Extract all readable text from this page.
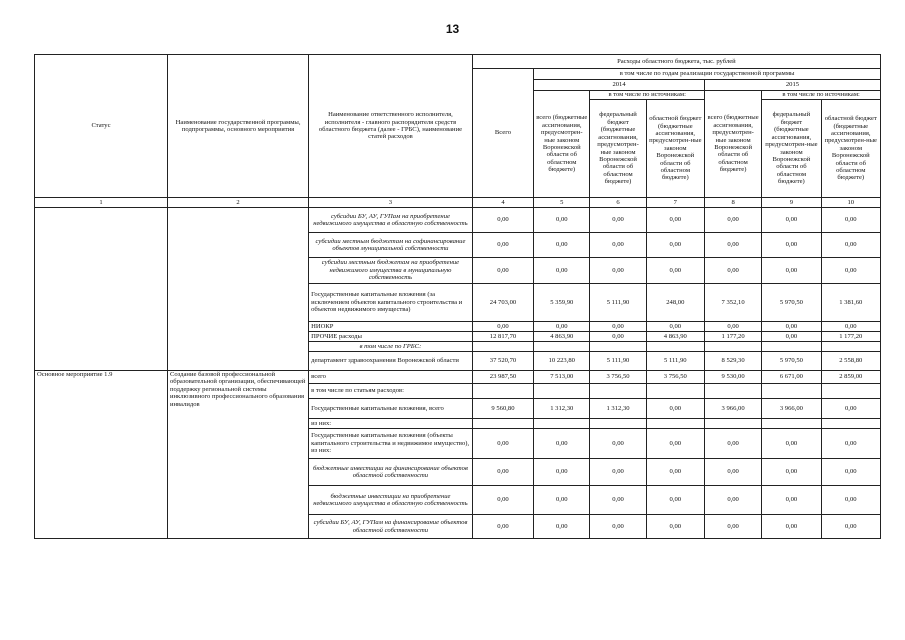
13
Статус	Наименование государственной программы, подпрограммы, основного мероприятия	Наименование ответственного исполнителя, исполнителя - главного распорядителя средств областного бюджета (далее - ГРБС), наименование статей расходов	Расходы областного бюджета, тыс. рублей						
			Всего	в том числе по годам реализации государственной программы					
				2014			2015		
				всего (бюджетные ассигнования, предусмотрен-ные законом Воронежской области об областном бюджете)	в том числе по источникам:		всего (бюджетные ассигнования, предусмотрен-ные законом Воронежской области об областном бюджете)	в том числе по источникам:	
					федеральный бюджет (бюджетные ассигнования, предусмотрен-ные законом Воронежской области об областном бюджете)	областной бюджет (бюджетные ассигнования, предусмотрен-ные законом Воронежской области об областном бюджете)		федеральный бюджет (бюджетные ассигнования, предусмотрен-ные законом Воронежской области об областном бюджете)	областной бюджет (бюджетные ассигнования, предусмотрен-ные законом Воронежской области об областном бюджете)
1	2	3	4	5	6	7	8	9	10
		субсидии БУ, АУ, ГУПам на приобретение недвижимого имущества в областную собственность	0,00	0,00	0,00	0,00	0,00	0,00	0,00
		субсидии местным бюджетам на софинансирование объектов муниципальной собственности	0,00	0,00	0,00	0,00	0,00	0,00	0,00
		субсидии местным бюджетам на приобретение недвижимого имущества в муниципальную собственность	0,00	0,00	0,00	0,00	0,00	0,00	0,00
		Государственные капитальные вложения (за исключением объектов капитального строительства и объектов недвижимого имущества)	24 703,00	5 359,90	5 111,90	248,00	7 352,10	5 970,50	1 381,60
		НИОКР	0,00	0,00	0,00	0,00	0,00	0,00	0,00
		ПРОЧИЕ расходы	12 817,70	4 863,90	0,00	4 863,90	1 177,20	0,00	1 177,20
		в том числе по ГРБС:							
		департамент здравоохранения Воронежской области	37 520,70	10 223,80	5 111,90	5 111,90	8 529,30	5 970,50	2 558,80
Основное мероприятие 1.9	Создание базовой профессиональной образовательной организации, обеспечивающей поддержку региональной системы инклюзивного профессионального образования инвалидов	всего	23 987,50	7 513,00	3 756,50	3 756,50	9 530,00	6 671,00	2 859,00
		в том числе по статьям расходов:							
		Государственные капитальные вложения, всего	9 560,80	1 312,30	1 312,30	0,00	3 966,00	3 966,00	0,00
		из них:							
		Государственные капитальные вложения (объекты капитального строительства и недвижимое имущество), из них:	0,00	0,00	0,00	0,00	0,00	0,00	0,00
		бюджетные инвестиции на финансирование объектов областной собственности	0,00	0,00	0,00	0,00	0,00	0,00	0,00
		бюджетные инвестиции на приобретение недвижимого имущества в областную собственность	0,00	0,00	0,00	0,00	0,00	0,00	0,00
		субсидии БУ, АУ, ГУПам на финансирование объектов областной собственности	0,00	0,00	0,00	0,00	0,00	0,00	0,00
